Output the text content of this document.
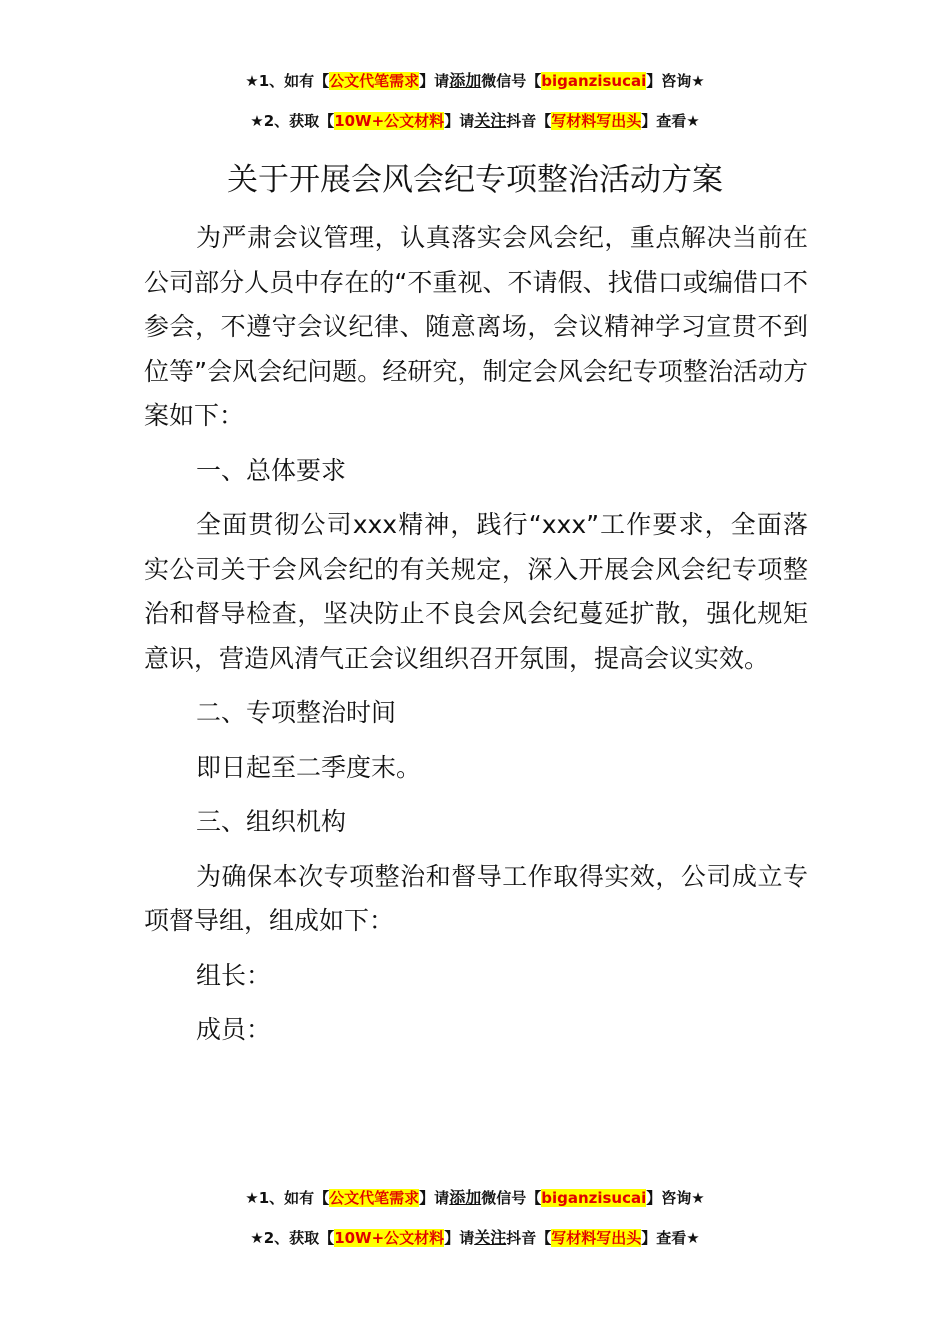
★1、如有【公文代笔需求】请添加微信号【biganzisucai】咨询★
★2、获取【10W+公文材料】请关注抖音【写材料写出头】查看★
关于开展会风会纪专项整治活动方案

为严肃会议管理，认真落实会风会纪，重点解决当前在公司部分人员中存在的“不重视、不请假、找借口或编借口不参会，不遵守会议纪律、随意离场，会议精神学习宣贯不到位等”会风会纪问题。经研究，制定会风会纪专项整治活动方案如下：

一、总体要求

全面贯彻公司xxx精神，践行“xxx”工作要求，全面落实公司关于会风会纪的有关规定，深入开展会风会纪专项整治和督导检查，坚决防止不良会风会纪蔓延扩散，强化规矩意识，营造风清气正会议组织召开氛围，提高会议实效。

二、专项整治时间

即日起至二季度末。

三、组织机构

为确保本次专项整治和督导工作取得实效，公司成立专项督导组，组成如下：

组长：

成员：

★1、如有【公文代笔需求】请添加微信号【biganzisucai】咨询★
★2、获取【10W+公文材料】请关注抖音【写材料写出头】查看★
